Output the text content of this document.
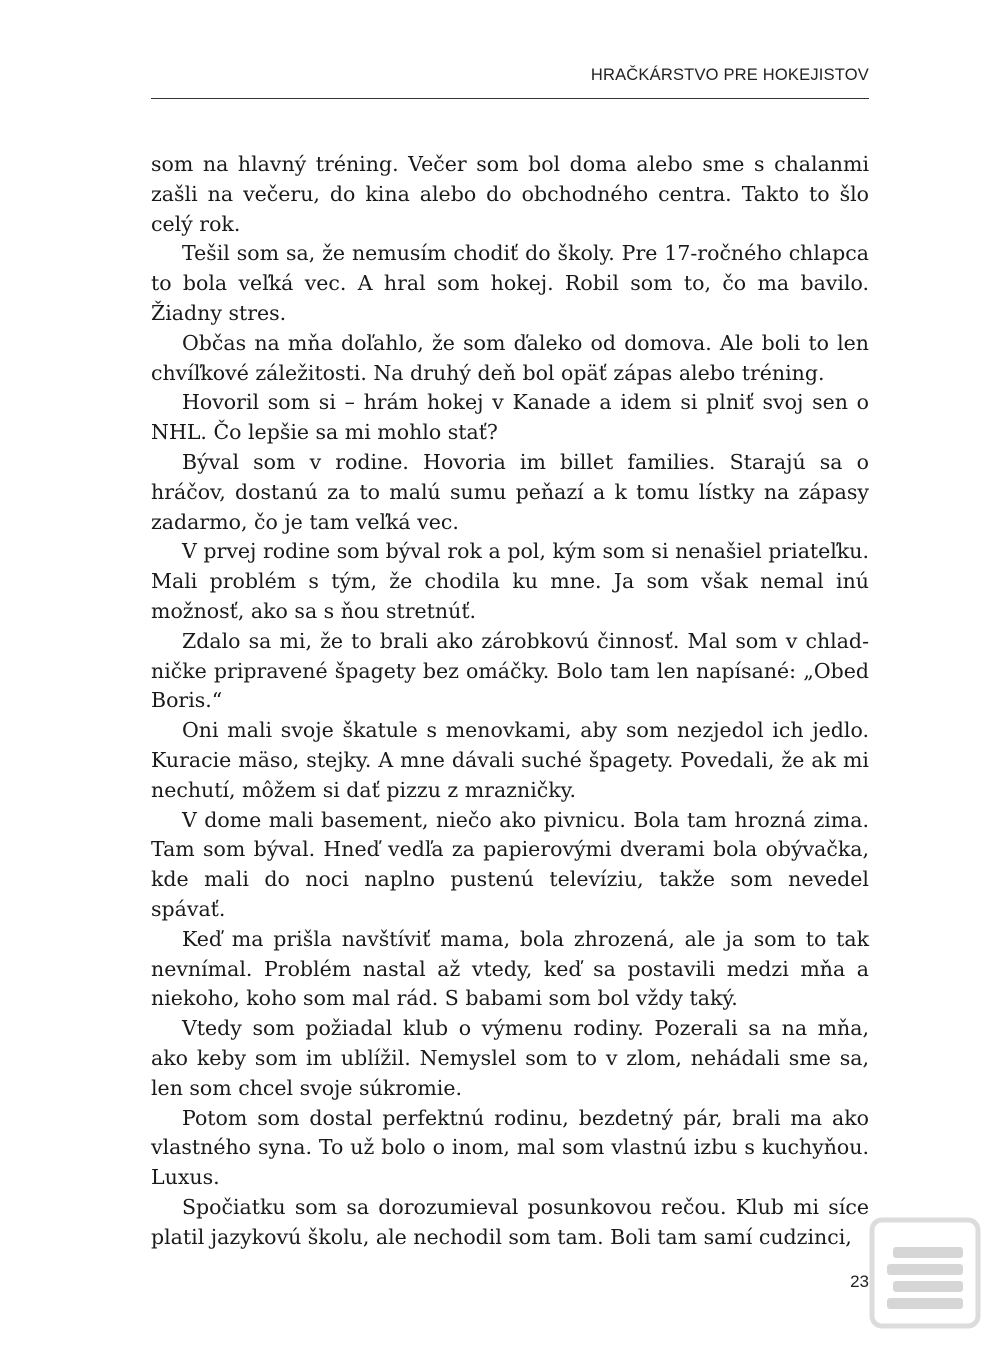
HRAČKÁRSTVO PRE HOKEJISTOV

som na hlavný tréning. Večer som bol doma alebo sme s chalanmi zašli na večeru, do kina alebo do obchodného centra. Takto to šlo celý rok.

Tešil som sa, že nemusím chodiť do školy. Pre 17-ročného chlapca to bola veľká vec. A hral som hokej. Robil som to, čo ma bavilo. Žiadny stres.

Občas na mňa doľahlo, že som ďaleko od domova. Ale boli to len chvíľkové záležitosti. Na druhý deň bol opäť zápas alebo tréning.

Hovoril som si – hrám hokej v Kanade a idem si plniť svoj sen o NHL. Čo lepšie sa mi mohlo stať?

Býval som v rodine. Hovoria im billet families. Starajú sa o hráčov, dostanú za to malú sumu peňazí a k tomu lístky na zápasy zadarmo, čo je tam veľká vec.

V prvej rodine som býval rok a pol, kým som si nenašiel priateľku. Mali problém s tým, že chodila ku mne. Ja som však nemal inú možnosť, ako sa s ňou stretnúť.

Zdalo sa mi, že to brali ako zárobkovú činnosť. Mal som v chladničke pripravené špagety bez omáčky. Bolo tam len napísané: „Obed Boris.“

Oni mali svoje škatule s menovkami, aby som nezjedol ich jedlo. Kuracie mäso, stejky. A mne dávali suché špagety. Povedali, že ak mi nechutí, môžem si dať pizzu z mrazničky.

V dome mali basement, niečo ako pivnicu. Bola tam hrozná zima. Tam som býval. Hneď vedľa za papierovými dverami bola obývačka, kde mali do noci naplno pustenú televíziu, takže som nevedel spávať.

Keď ma prišla navštíviť mama, bola zhrozená, ale ja som to tak nevnímal. Problém nastal až vtedy, keď sa postavili medzi mňa a niekoho, koho som mal rád. S babami som bol vždy taký.

Vtedy som požiadal klub o výmenu rodiny. Pozerali sa na mňa, ako keby som im ublížil. Nemyslel som to v zlom, nehádali sme sa, len som chcel svoje súkromie.

Potom som dostal perfektnú rodinu, bezdetný pár, brali ma ako vlastného syna. To už bolo o inom, mal som vlastnú izbu s kuchyňou. Luxus.

Spočiatku som sa dorozumieval posunkovou rečou. Klub mi síce platil jazykovú školu, ale nechodil som tam. Boli tam samí cudzinci,

23
